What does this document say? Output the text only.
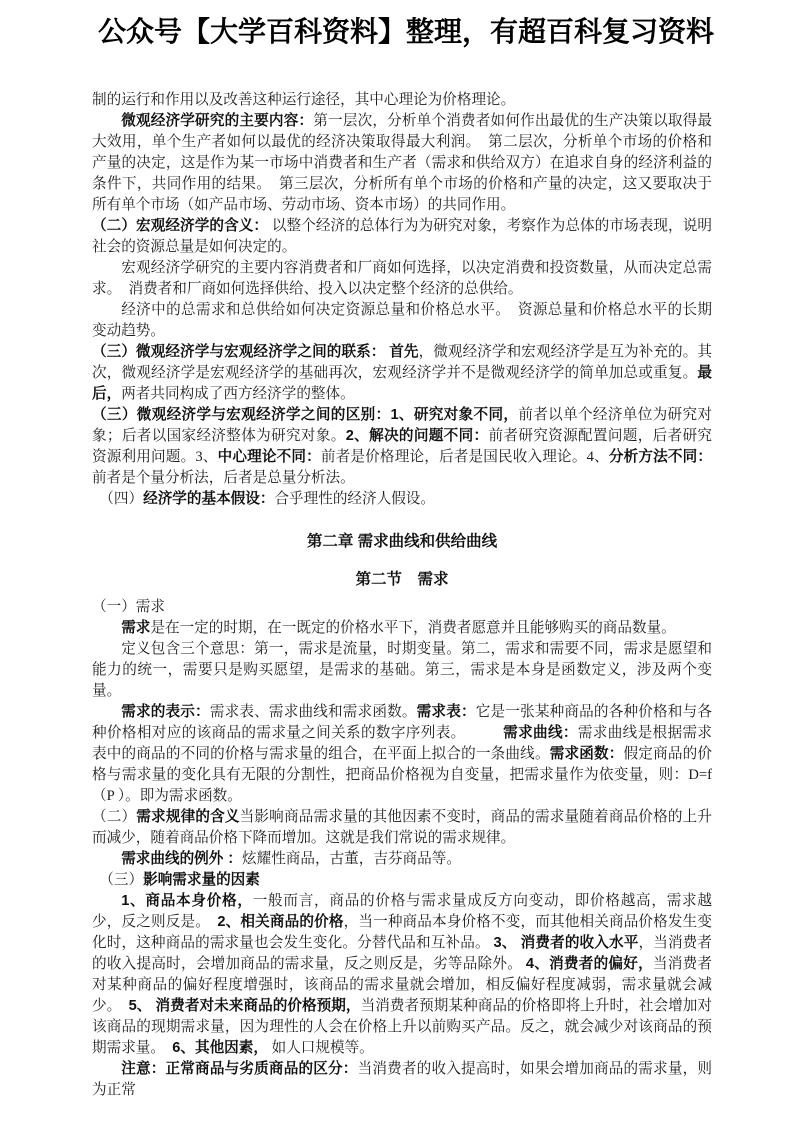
公众号【大学百科资料】整理，有超百科复习资料

制的运行和作用以及改善这种运行途径，其中心理论为价格理论。

微观经济学研究的主要内容：第一层次，分析单个消费者如何作出最优的生产决策以取得最大效用，单个生产者如何以最优的经济决策取得最大利润。　第二层次，分析单个市场的价格和产量的决定，这是作为某一市场中消费者和生产者（需求和供给双方）在追求自身的经济利益的条件下，共同作用的结果。　第三层次，分析所有单个市场的价格和产量的决定，这又要取决于所有单个市场（如产品市场、劳动市场、资本市场）的共同作用。

（二）宏观经济学的含义： 以整个经济的总体行为为研究对象，考察作为总体的市场表现，说明社会的资源总量是如何决定的。

宏观经济学研究的主要内容消费者和厂商如何选择，以决定消费和投资数量，从而决定总需求。　消费者和厂商如何选择供给、投入以决定整个经济的总供给。

经济中的总需求和总供给如何决定资源总量和价格总水平。　资源总量和价格总水平的长期变动趋势。

（三）微观经济学与宏观经济学之间的联系： 首先，微观经济学和宏观经济学是互为补充的。其次，微观经济学是宏观经济学的基础再次，宏观经济学并不是微观经济学的简单加总或重复。最后，两者共同构成了西方经济学的整体。

（三）微观经济学与宏观经济学之间的区别：1、研究对象不同，前者以单个经济单位为研究对象；后者以国家经济整体为研究对象。2、解决的问题不同：前者研究资源配置问题，后者研究资源利用问题。3、中心理论不同：前者是价格理论，后者是国民收入理论。4、分析方法不同：前者是个量分析法，后者是总量分析法。

（四）经济学的基本假设：合乎理性的经济人假设。

第二章 需求曲线和供给曲线

第二节　需求

（一）需求

需求是在一定的时期，在一既定的价格水平下，消费者愿意并且能够购买的商品数量。

定义包含三个意思：第一，需求是流量，时期变量。第二，需求和需要不同，需求是愿望和能力的统一，需要只是购买愿望，是需求的基础。第三，需求是本身是函数定义，涉及两个变量。

需求的表示：需求表、需求曲线和需求函数。需求表：它是一张某种商品的各种价格和与各种价格相对应的该商品的需求量之间关系的数字序列表。　　　需求曲线：需求曲线是根据需求表中的商品的不同的价格与需求量的组合，在平面上拟合的一条曲线。需求函数：假定商品的价格与需求量的变化具有无限的分割性，把商品价格视为自变量，把需求量作为依变量，则：D=f　（P ）。即为需求函数。

（二）需求规律的含义当影响商品需求量的其他因素不变时，商品的需求量随着商品价格的上升而减少，随着商品价格下降而增加。这就是我们常说的需求规律。

需求曲线的例外 ：炫耀性商品，古董，吉芬商品等。

（三）影响需求量的因素

1、商品本身价格，一般而言，商品的价格与需求量成反方向变动，即价格越高，需求越少，反之则反是。　2、相关商品的价格，当一种商品本身价格不变，而其他相关商品价格发生变化时，这种商品的需求量也会发生变化。分替代品和互补品。 3、 消费者的收入水平，当消费者的收入提高时，会增加商品的需求量，反之则反是，劣等品除外。 4、消费者的偏好，当消费者对某种商品的偏好程度增强时，该商品的需求量就会增加，相反偏好程度减弱，需求量就会减少。　5、 消费者对未来商品的价格预期，当消费者预期某种商品的价格即将上升时，社会增加对该商品的现期需求量，因为理性的人会在价格上升以前购买产品。反之，就会减少对该商品的预期需求量。　6、其他因素， 如人口规模等。

注意：正常商品与劣质商品的区分：当消费者的收入提高时，如果会增加商品的需求量，则为正常
